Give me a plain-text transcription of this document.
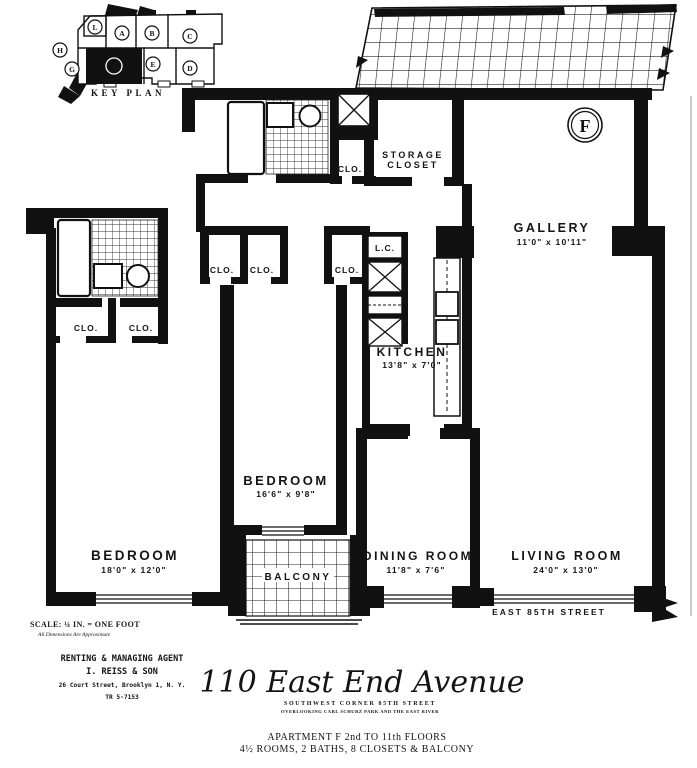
L
A	B	C
H
G
E	D
F
KEY PLAN
F
STORAGE
CLOSET
CLO.
GALLERY
11'0" x 10'11"
L.C.
CLO. CLO.	CLO.
KITCHEN
13'8" x 7'0"
CLO.	CLO.
BEDROOM
16'6" x 9'8"
BEDROOM
18'0" x 12'0"
BALCONY
DINING ROOM
11'8" x 7'6"
LIVING ROOM
24'0" x 13'0"
EAST 85TH STREET
SCALE: ¼ IN. = ONE FOOT
All Dimensions Are Approximate
RENTING & MANAGING AGENT
I. REISS & SON
26 Court Street, Brooklyn 1, N. Y.
TR 5-7153 110 East End Avenue
SOUTHWEST CORNER 85TH STREET
OVERLOOKING CARL SCHURZ PARK AND THE EAST RIVER
APARTMENT F 2nd TO 11th FLOORS
4½ ROOMS, 2 BATHS, 8 CLOSETS & BALCONY
